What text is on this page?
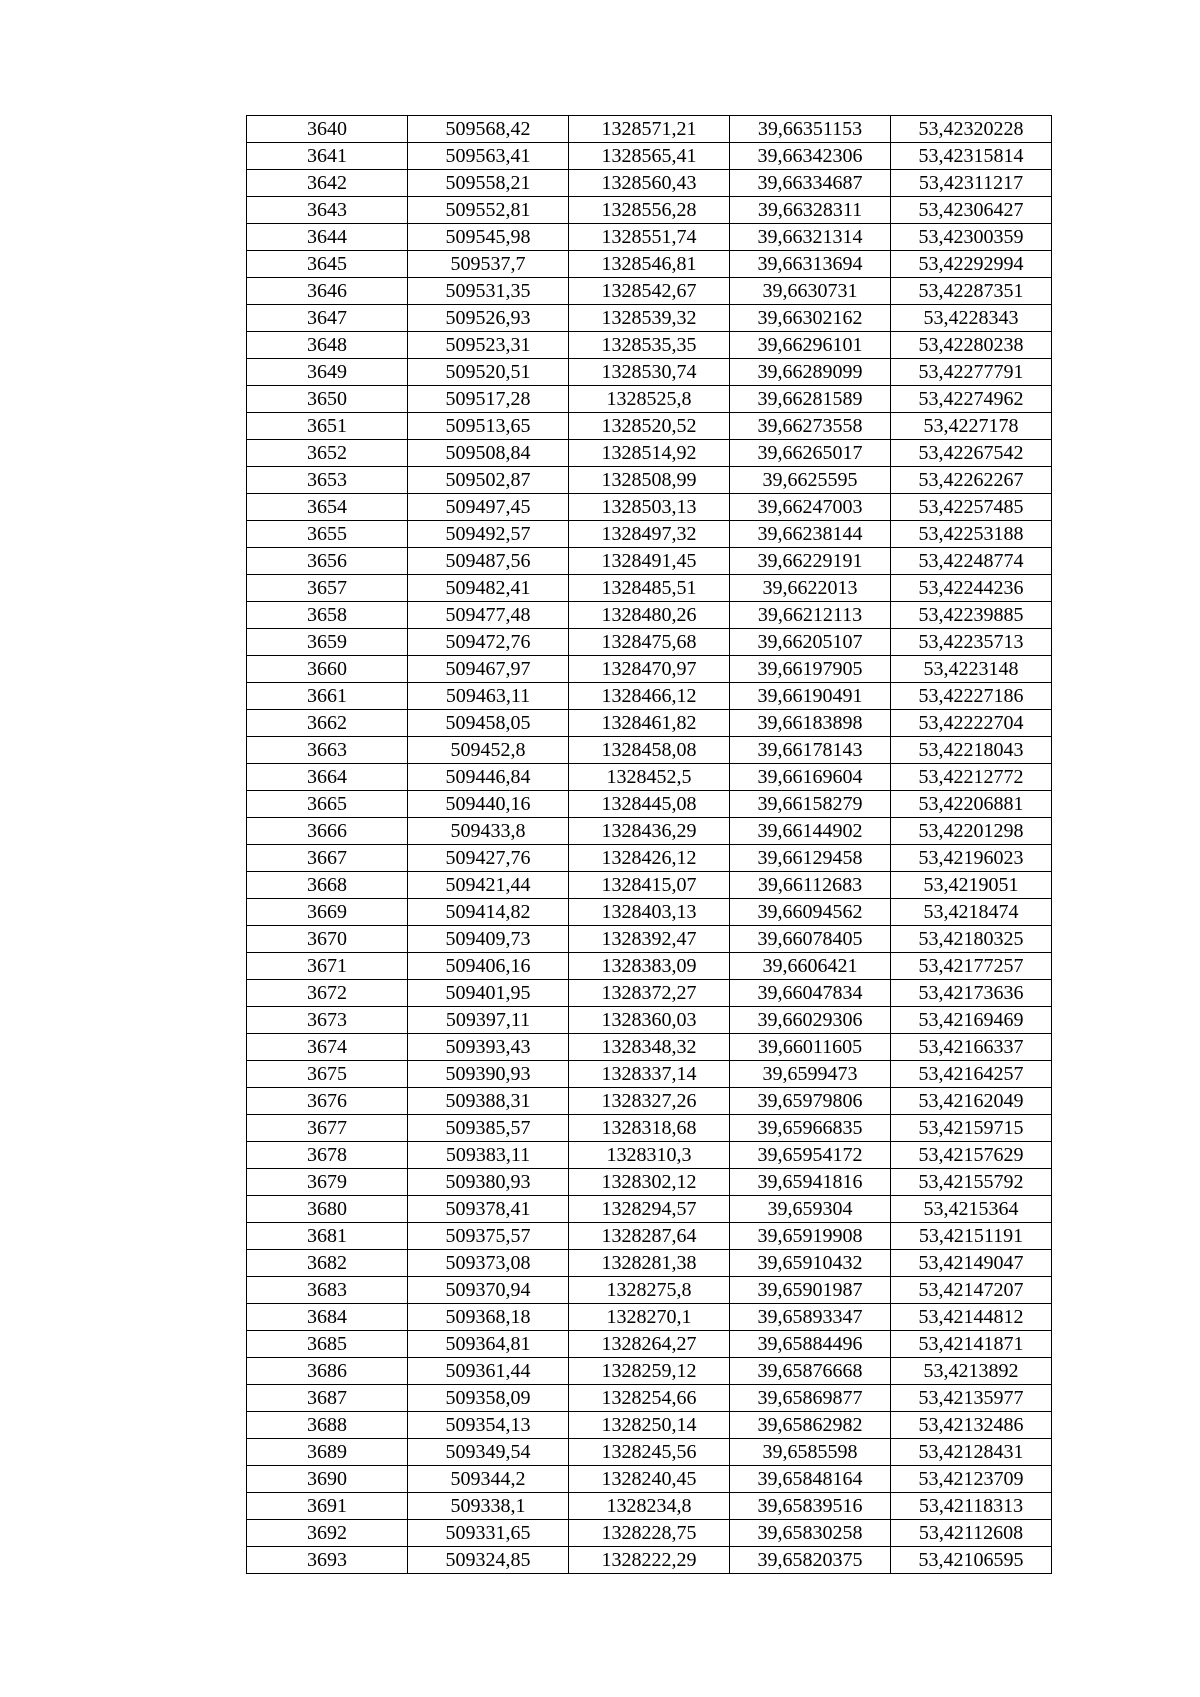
3640	509568,42	1328571,21	39,66351153	53,42320228
3641	509563,41	1328565,41	39,66342306	53,42315814
3642	509558,21	1328560,43	39,66334687	53,42311217
3643	509552,81	1328556,28	39,66328311	53,42306427
3644	509545,98	1328551,74	39,66321314	53,42300359
3645	509537,7	1328546,81	39,66313694	53,42292994
3646	509531,35	1328542,67	39,6630731	53,42287351
3647	509526,93	1328539,32	39,66302162	53,4228343
3648	509523,31	1328535,35	39,66296101	53,42280238
3649	509520,51	1328530,74	39,66289099	53,42277791
3650	509517,28	1328525,8	39,66281589	53,42274962
3651	509513,65	1328520,52	39,66273558	53,4227178
3652	509508,84	1328514,92	39,66265017	53,42267542
3653	509502,87	1328508,99	39,6625595	53,42262267
3654	509497,45	1328503,13	39,66247003	53,42257485
3655	509492,57	1328497,32	39,66238144	53,42253188
3656	509487,56	1328491,45	39,66229191	53,42248774
3657	509482,41	1328485,51	39,6622013	53,42244236
3658	509477,48	1328480,26	39,66212113	53,42239885
3659	509472,76	1328475,68	39,66205107	53,42235713
3660	509467,97	1328470,97	39,66197905	53,4223148
3661	509463,11	1328466,12	39,66190491	53,42227186
3662	509458,05	1328461,82	39,66183898	53,42222704
3663	509452,8	1328458,08	39,66178143	53,42218043
3664	509446,84	1328452,5	39,66169604	53,42212772
3665	509440,16	1328445,08	39,66158279	53,42206881
3666	509433,8	1328436,29	39,66144902	53,42201298
3667	509427,76	1328426,12	39,66129458	53,42196023
3668	509421,44	1328415,07	39,66112683	53,4219051
3669	509414,82	1328403,13	39,66094562	53,4218474
3670	509409,73	1328392,47	39,66078405	53,42180325
3671	509406,16	1328383,09	39,6606421	53,42177257
3672	509401,95	1328372,27	39,66047834	53,42173636
3673	509397,11	1328360,03	39,66029306	53,42169469
3674	509393,43	1328348,32	39,66011605	53,42166337
3675	509390,93	1328337,14	39,6599473	53,42164257
3676	509388,31	1328327,26	39,65979806	53,42162049
3677	509385,57	1328318,68	39,65966835	53,42159715
3678	509383,11	1328310,3	39,65954172	53,42157629
3679	509380,93	1328302,12	39,65941816	53,42155792
3680	509378,41	1328294,57	39,659304	53,4215364
3681	509375,57	1328287,64	39,65919908	53,42151191
3682	509373,08	1328281,38	39,65910432	53,42149047
3683	509370,94	1328275,8	39,65901987	53,42147207
3684	509368,18	1328270,1	39,65893347	53,42144812
3685	509364,81	1328264,27	39,65884496	53,42141871
3686	509361,44	1328259,12	39,65876668	53,4213892
3687	509358,09	1328254,66	39,65869877	53,42135977
3688	509354,13	1328250,14	39,65862982	53,42132486
3689	509349,54	1328245,56	39,6585598	53,42128431
3690	509344,2	1328240,45	39,65848164	53,42123709
3691	509338,1	1328234,8	39,65839516	53,42118313
3692	509331,65	1328228,75	39,65830258	53,42112608
3693	509324,85	1328222,29	39,65820375	53,42106595
